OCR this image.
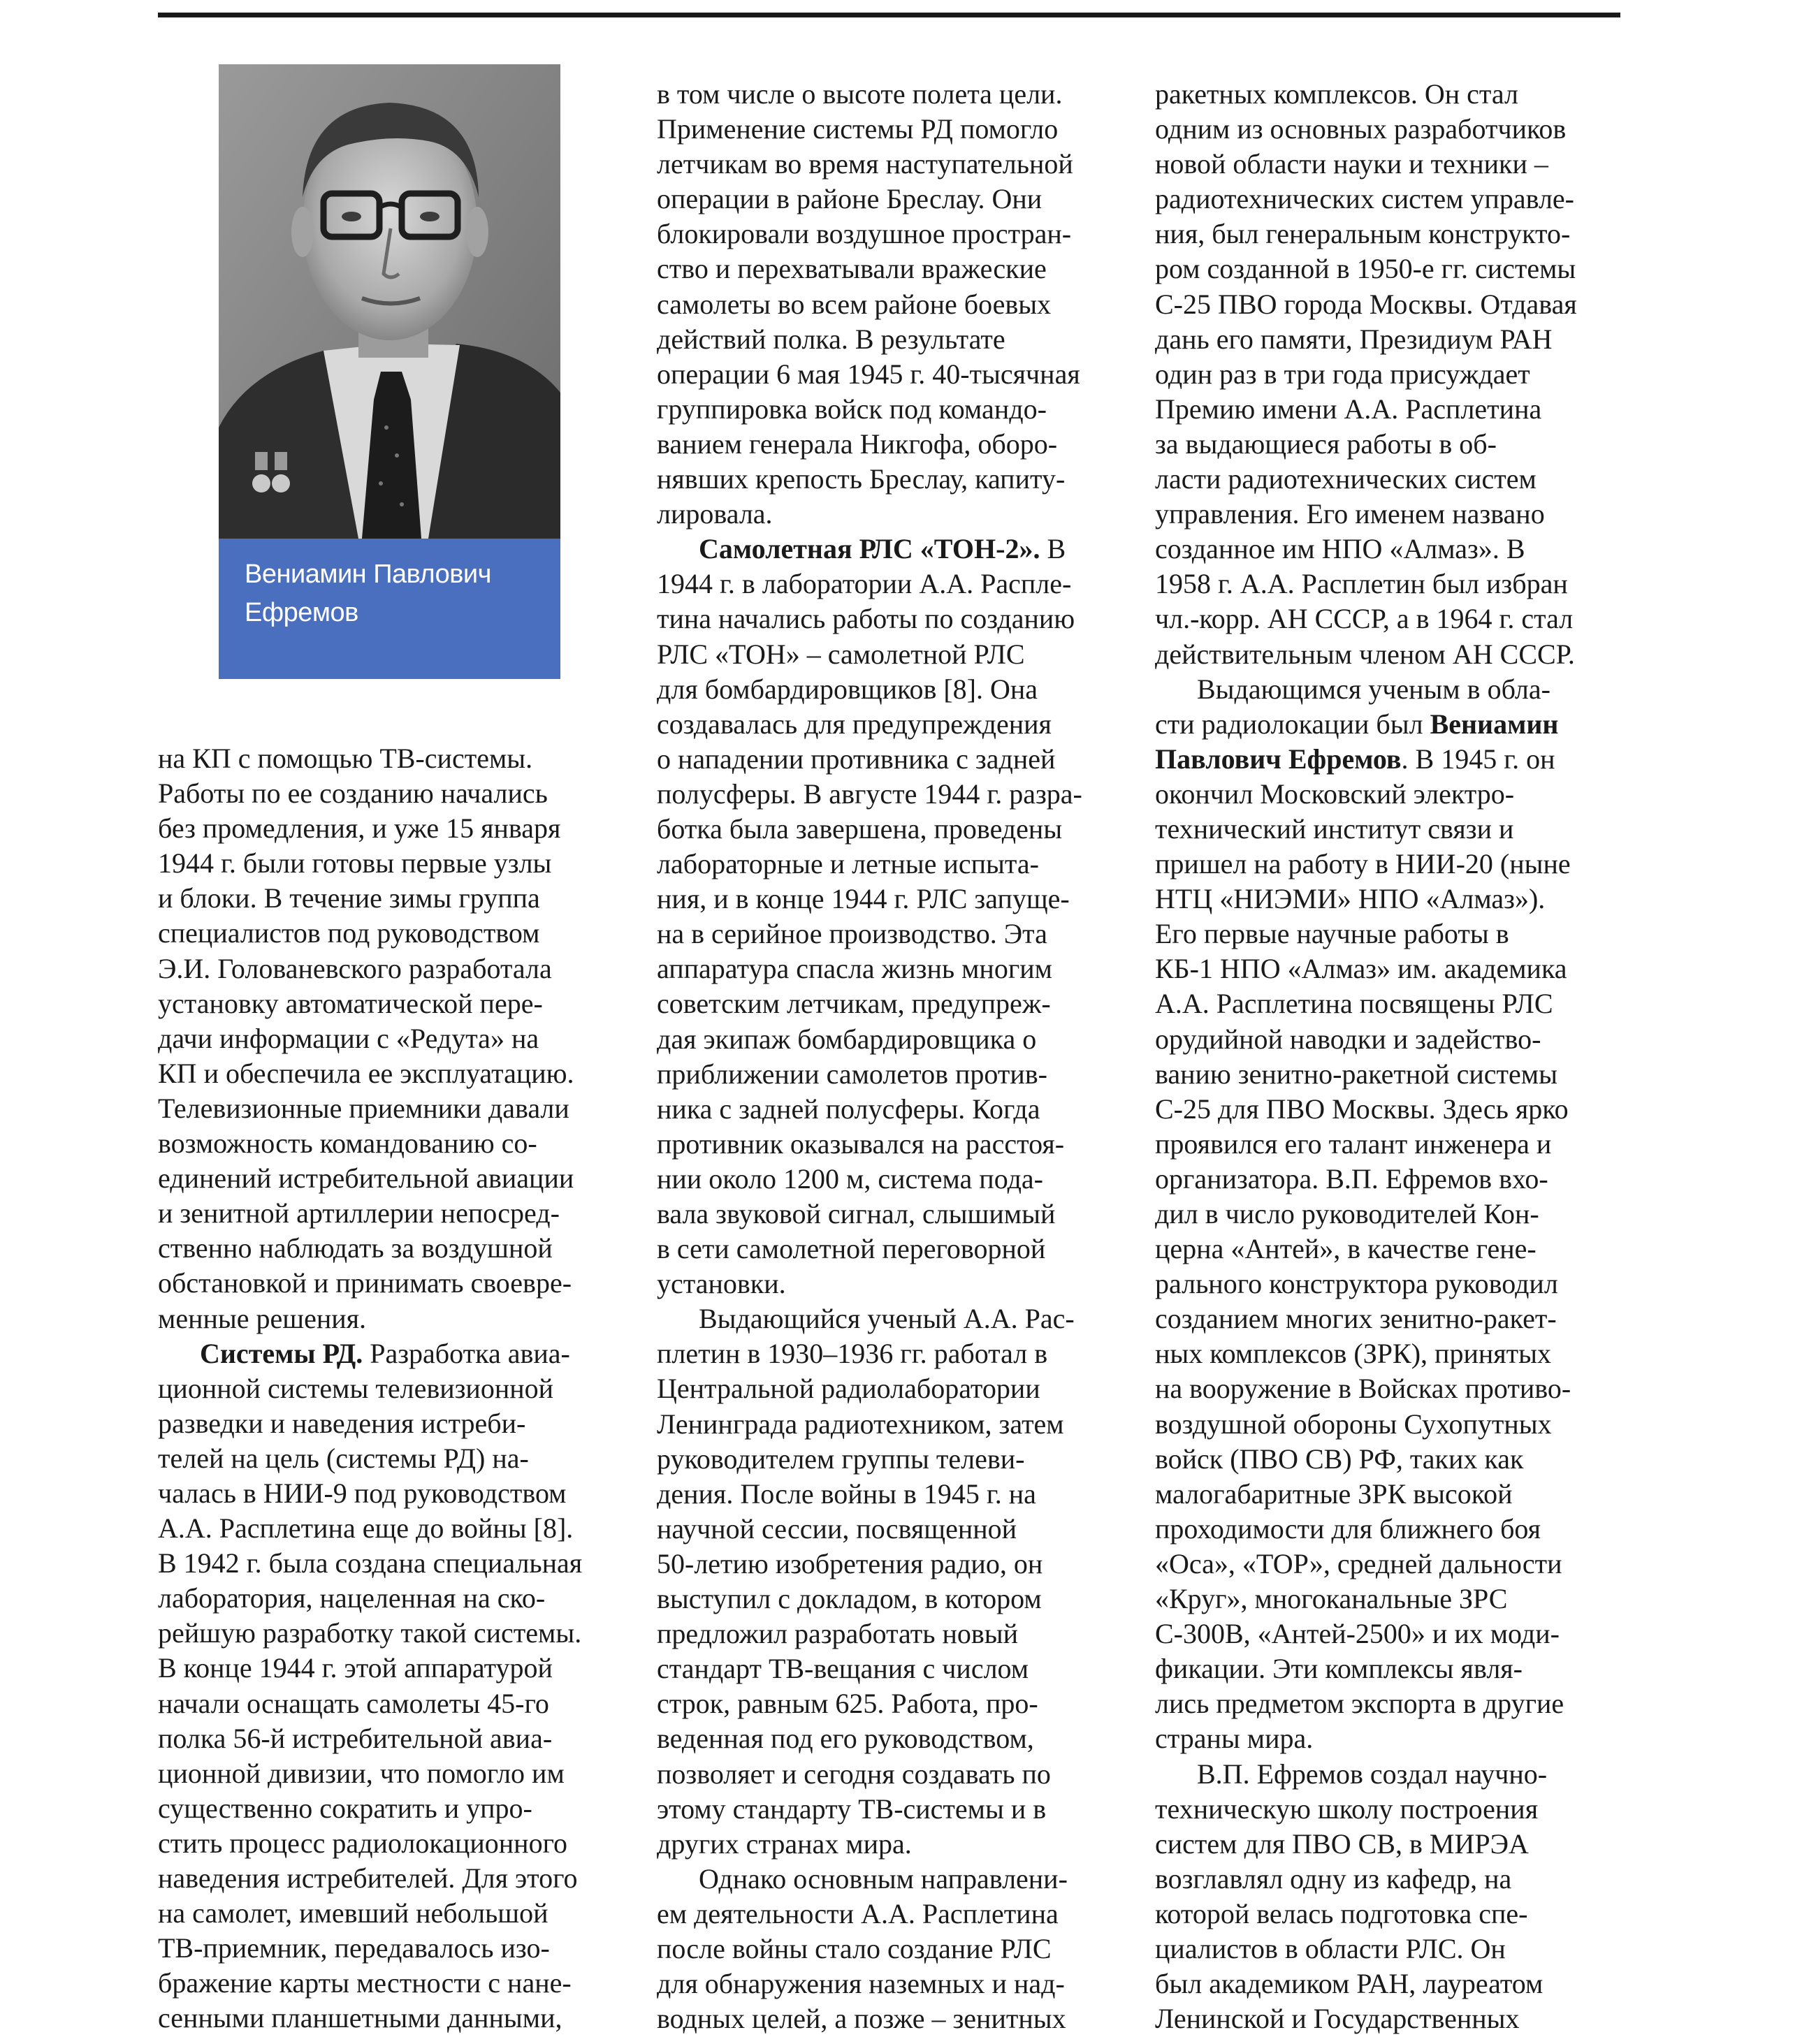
Вениамин Павлович
Ефремов
на КП с помощью ТВ-системы.
Работы по ее созданию начались
без промедления, и уже 15 января
1944 г. были готовы первые узлы
и блоки. В течение зимы группа
специалистов под руководством
Э.И. Голованевского разработала
установку автоматической пере-
дачи информации с «Редута» на
КП и обеспечила ее эксплуатацию.
Телевизионные приемники давали
возможность командованию со-
единений истребительной авиации
и зенитной артиллерии непосред-
ственно наблюдать за воздушной
обстановкой и принимать своевре-
менные решения.
Системы РД. Разработка авиа-
ционной системы телевизионной
разведки и наведения истреби-
телей на цель (системы РД) на-
чалась в НИИ-9 под руководством
А.А. Расплетина еще до войны [8].
В 1942 г. была создана специальная
лаборатория, нацеленная на ско-
рейшую разработку такой системы.
В конце 1944 г. этой аппаратурой
начали оснащать самолеты 45-го
полка 56-й истребительной авиа-
ционной дивизии, что помогло им
существенно сократить и упро-
стить процесс радиолокационного
наведения истребителей. Для этого
на самолет, имевший небольшой
ТВ-приемник, передавалось изо-
бражение карты местности с нане-
сенными планшетными данными,
в том числе о высоте полета цели.
Применение системы РД помогло
летчикам во время наступательной
операции в районе Бреслау. Они
блокировали воздушное простран-
ство и перехватывали вражеские
самолеты во всем районе боевых
действий полка. В результате
операции 6 мая 1945 г. 40-тысячная
группировка войск под командо-
ванием генерала Никгофа, оборо-
нявших крепость Бреслау, капиту-
лировала.
Самолетная РЛС «ТОН-2». В
1944 г. в лаборатории А.А. Распле-
тина начались работы по созданию
РЛС «ТОН» – самолетной РЛС
для бомбардировщиков [8]. Она
создавалась для предупреждения
о нападении противника с задней
полусферы. В августе 1944 г. разра-
ботка была завершена, проведены
лабораторные и летные испыта-
ния, и в конце 1944 г. РЛС запуще-
на в серийное производство. Эта
аппаратура спасла жизнь многим
советским летчикам, предупреж-
дая экипаж бомбардировщика о
приближении самолетов против-
ника с задней полусферы. Когда
противник оказывался на расстоя-
нии около 1200 м, система пода-
вала звуковой сигнал, слышимый
в сети самолетной переговорной
установки.
Выдающийся ученый А.А. Рас-
плетин в 1930–1936 гг. работал в
Центральной радиолаборатории
Ленинграда радиотехником, затем
руководителем группы телеви-
дения. После войны в 1945 г. на
научной сессии, посвященной
50-летию изобретения радио, он
выступил с докладом, в котором
предложил разработать новый
стандарт ТВ-вещания с числом
строк, равным 625. Работа, про-
веденная под его руководством,
позволяет и сегодня создавать по
этому стандарту ТВ-системы и в
других странах мира.
Однако основным направлени-
ем деятельности А.А. Расплетина
после войны стало создание РЛС
для обнаружения наземных и над-
водных целей, а позже – зенитных
ракетных комплексов. Он стал
одним из основных разработчиков
новой области науки и техники –
радиотехнических систем управле-
ния, был генеральным конструкто-
ром созданной в 1950-е гг. системы
С-25 ПВО города Москвы. Отдавая
дань его памяти, Президиум РАН
один раз в три года присуждает
Премию имени А.А. Расплетина
за выдающиеся работы в об-
ласти радиотехнических систем
управления. Его именем названо
созданное им НПО «Алмаз». В
1958 г. А.А. Расплетин был избран
чл.-корр. АН СССР, а в 1964 г. стал
действительным членом АН СССР.
Выдающимся ученым в обла-
сти радиолокации был Вениамин
Павлович Ефремов. В 1945 г. он
окончил Московский электро-
технический институт связи и
пришел на работу в НИИ-20 (ныне
НТЦ «НИЭМИ» НПО «Алмаз»).
Его первые научные работы в
КБ-1 НПО «Алмаз» им. академика
А.А. Расплетина посвящены РЛС
орудийной наводки и задейство-
ванию зенитно-ракетной системы
С-25 для ПВО Москвы. Здесь ярко
проявился его талант инженера и
организатора. В.П. Ефремов вхо-
дил в число руководителей Кон-
церна «Антей», в качестве гене-
рального конструктора руководил
созданием многих зенитно-ракет-
ных комплексов (ЗРК), принятых
на вооружение в Войсках противо-
воздушной обороны Сухопутных
войск (ПВО СВ) РФ, таких как
малогабаритные ЗРК высокой
проходимости для ближнего боя
«Оса», «ТОР», средней дальности
«Круг», многоканальные ЗРС
С-300В, «Антей-2500» и их моди-
фикации. Эти комплексы явля-
лись предметом экспорта в другие
страны мира.
В.П. Ефремов создал научно-
техническую школу построения
систем для ПВО СВ, в МИРЭА
возглавлял одну из кафедр, на
которой велась подготовка спе-
циалистов в области РЛС. Он
был академиком РАН, лауреатом
Ленинской и Государственных
